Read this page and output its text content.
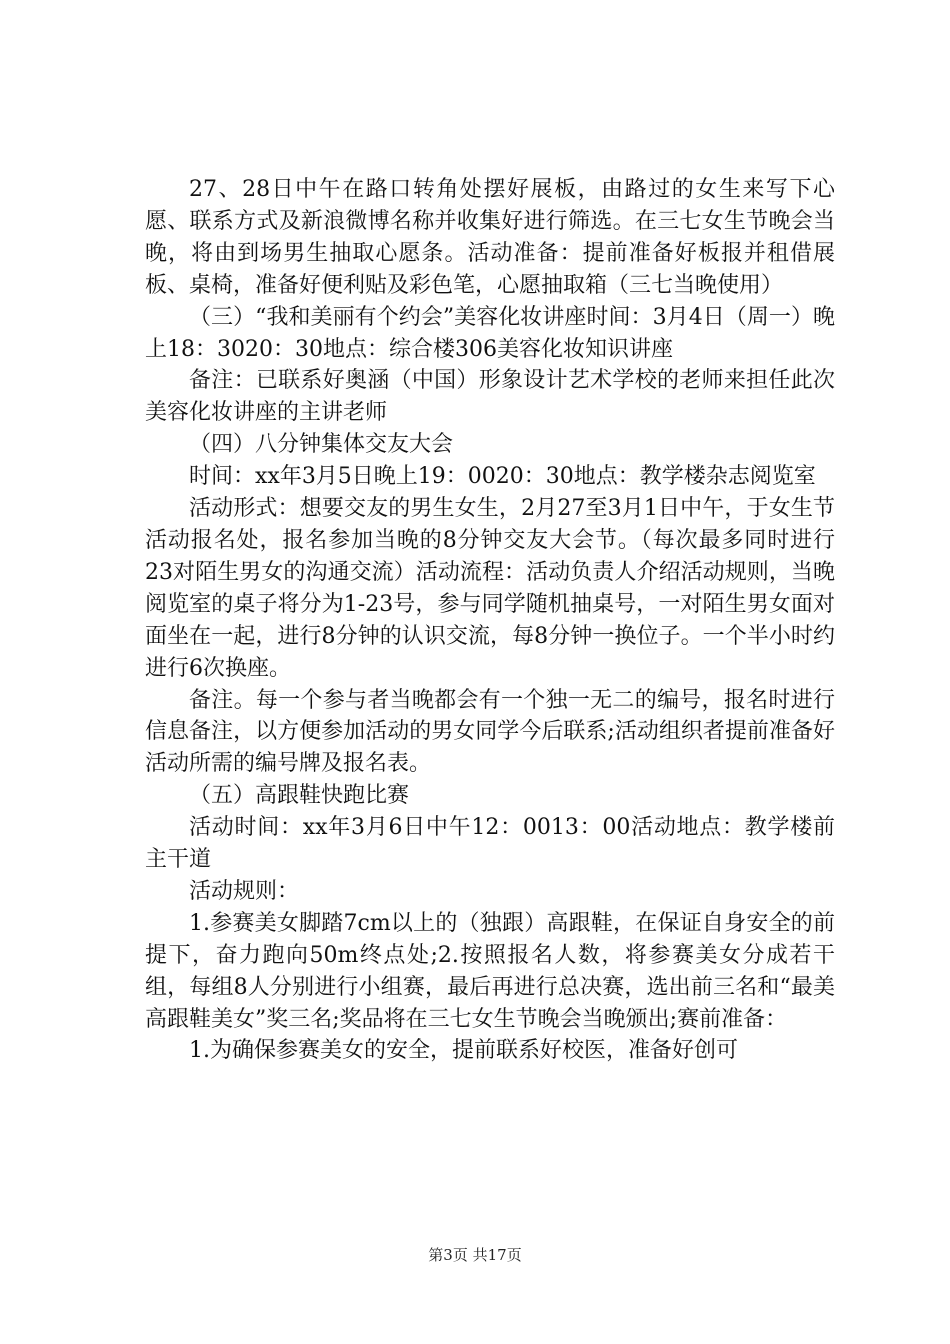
27、28日中午在路口转角处摆好展板，由路过的女生来写下心愿、联系方式及新浪微博名称并收集好进行筛选。在三七女生节晚会当晚，将由到场男生抽取心愿条。活动准备：提前准备好板报并租借展板、桌椅，准备好便利贴及彩色笔，心愿抽取箱（三七当晚使用）

（三）“我和美丽有个约会”美容化妆讲座时间：3月4日（周一）晚上18：3020：30地点：综合楼306美容化妆知识讲座

备注：已联系好奥涵（中国）形象设计艺术学校的老师来担任此次美容化妆讲座的主讲老师

（四）八分钟集体交友大会

时间：xx年3月5日晚上19：0020：30地点：教学楼杂志阅览室

活动形式：想要交友的男生女生，2月27至3月1日中午，于女生节活动报名处，报名参加当晚的8分钟交友大会节。（每次最多同时进行23对陌生男女的沟通交流）活动流程：活动负责人介绍活动规则，当晚阅览室的桌子将分为1-23号，参与同学随机抽桌号，一对陌生男女面对面坐在一起，进行8分钟的认识交流，每8分钟一换位子。一个半小时约进行6次换座。

备注。每一个参与者当晚都会有一个独一无二的编号，报名时进行信息备注，以方便参加活动的男女同学今后联系;活动组织者提前准备好活动所需的编号牌及报名表。

（五）高跟鞋快跑比赛

活动时间：xx年3月6日中午12：0013：00活动地点：教学楼前主干道

活动规则：

1.参赛美女脚踏7cm以上的（独跟）高跟鞋，在保证自身安全的前提下，奋力跑向50m终点处;2.按照报名人数，将参赛美女分成若干组，每组8人分别进行小组赛，最后再进行总决赛，选出前三名和“最美高跟鞋美女”奖三名;奖品将在三七女生节晚会当晚颁出;赛前准备：

1.为确保参赛美女的安全，提前联系好校医，准备好创可

第3页 共17页
